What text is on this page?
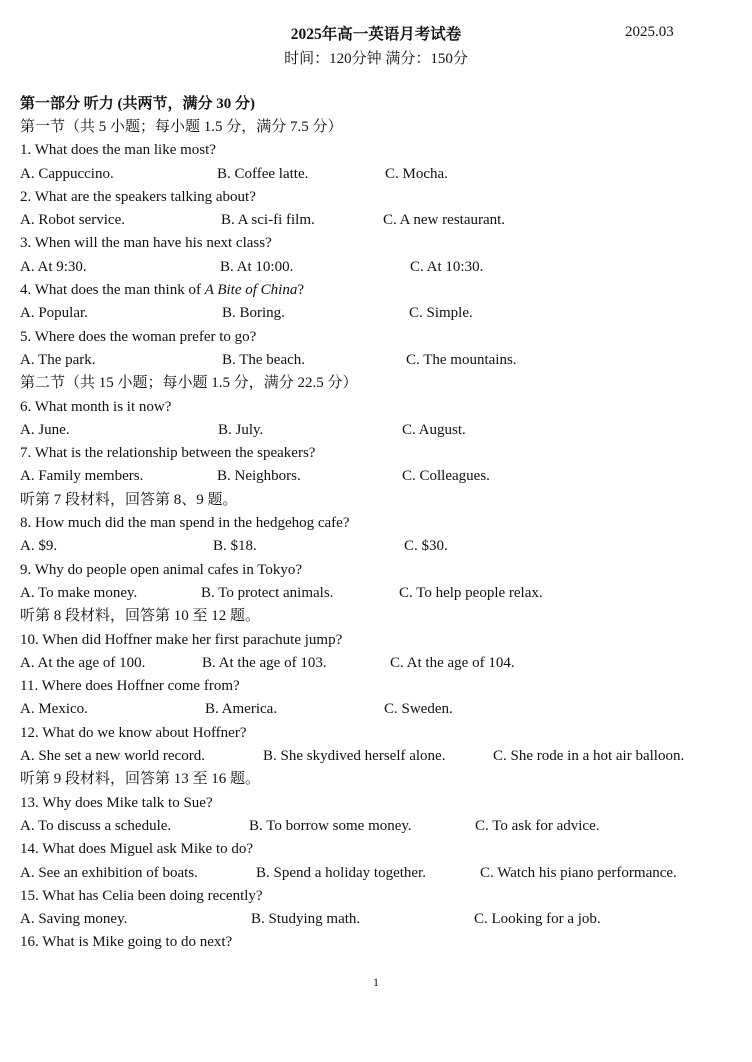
2025年高一英语月考试卷	2025.03
时间：120分钟 满分：150分
第一部分 听力 (共两节，满分 30 分)
第一节（共 5 小题；每小题 1.5 分，满分 7.5 分）
1. What does the man like most?
A. Cappuccino.	B. Coffee latte.	C. Mocha.
2. What are the speakers talking about?
A. Robot service.	B. A sci-fi film.	C. A new restaurant.
3. When will the man have his next class?
A. At 9:30.	B. At 10:00.	C. At 10:30.
4. What does the man think of A Bite of China?
A. Popular.	B. Boring.	C. Simple.
5. Where does the woman prefer to go?
A. The park.	B. The beach.	C. The mountains.
第二节（共 15 小题；每小题 1.5 分，满分 22.5 分）
6. What month is it now?
A. June.	B. July.	C. August.
7. What is the relationship between the speakers?
A. Family members.	B. Neighbors.	C. Colleagues.
听第 7 段材料，回答第 8、9 题。
8. How much did the man spend in the hedgehog cafe?
A. $9.	B. $18.	C. $30.
9. Why do people open animal cafes in Tokyo?
A. To make money.	B. To protect animals.	C. To help people relax.
听第 8 段材料，回答第 10 至 12 题。
10. When did Hoffner make her first parachute jump?
A. At the age of 100.	B. At the age of 103.	C. At the age of 104.
11. Where does Hoffner come from?
A. Mexico.	B. America.	C. Sweden.
12. What do we know about Hoffner?
A. She set a new world record.	B. She skydived herself alone.	C. She rode in a hot air balloon.
听第 9 段材料，回答第 13 至 16 题。
13. Why does Mike talk to Sue?
A. To discuss a schedule.	B. To borrow some money.	C. To ask for advice.
14. What does Miguel ask Mike to do?
A. See an exhibition of boats.	B. Spend a holiday together.	C. Watch his piano performance.
15. What has Celia been doing recently?
A. Saving money.	B. Studying math.	C. Looking for a job.
16. What is Mike going to do next?
1
